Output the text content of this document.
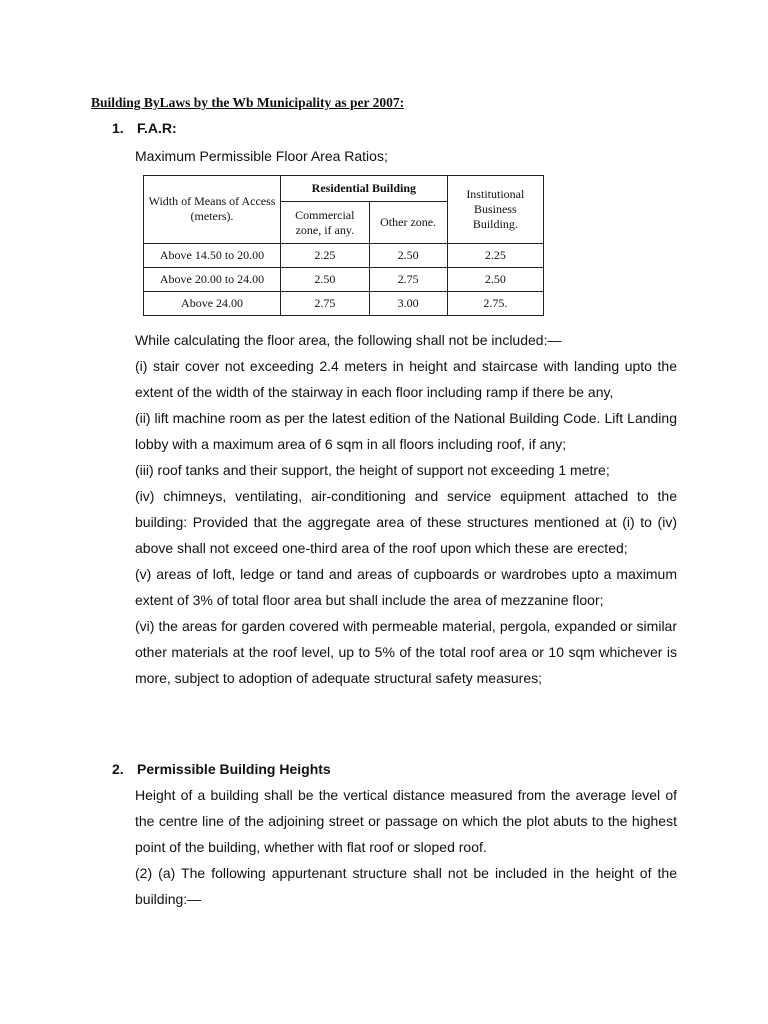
Building ByLaws by the Wb Municipality as per 2007:
1. F.A.R:
Maximum Permissible Floor Area Ratios;
Width of Means of Access (meters).	Residential Building		Institutional Business Building.
	Commercial zone, if any.	Other zone.	
Above 14.50 to 20.00	2.25	2.50	2.25
Above 20.00 to 24.00	2.50	2.75	2.50
Above 24.00	2.75	3.00	2.75.
While calculating the floor area, the following shall not be included:—
(i) stair cover not exceeding 2.4 meters in height and staircase with landing upto the extent of the width of the stairway in each floor including ramp if there be any,
(ii) lift machine room as per the latest edition of the National Building Code. Lift Landing lobby with a maximum area of 6 sqm in all floors including roof, if any;
(iii) roof tanks and their support, the height of support not exceeding 1 metre;
(iv) chimneys, ventilating, air-conditioning and service equipment attached to the building: Provided that the aggregate area of these structures mentioned at (i) to (iv) above shall not exceed one-third area of the roof upon which these are erected;
(v) areas of loft, ledge or tand and areas of cupboards or wardrobes upto a maximum extent of 3% of total floor area but shall include the area of mezzanine floor;
(vi) the areas for garden covered with permeable material, pergola, expanded or similar other materials at the roof level, up to 5% of the total roof area or 10 sqm whichever is more, subject to adoption of adequate structural safety measures;
2. Permissible Building Heights
Height of a building shall be the vertical distance measured from the average level of the centre line of the adjoining street or passage on which the plot abuts to the highest point of the building, whether with flat roof or sloped roof.
(2) (a) The following appurtenant structure shall not be included in the height of the building:—
